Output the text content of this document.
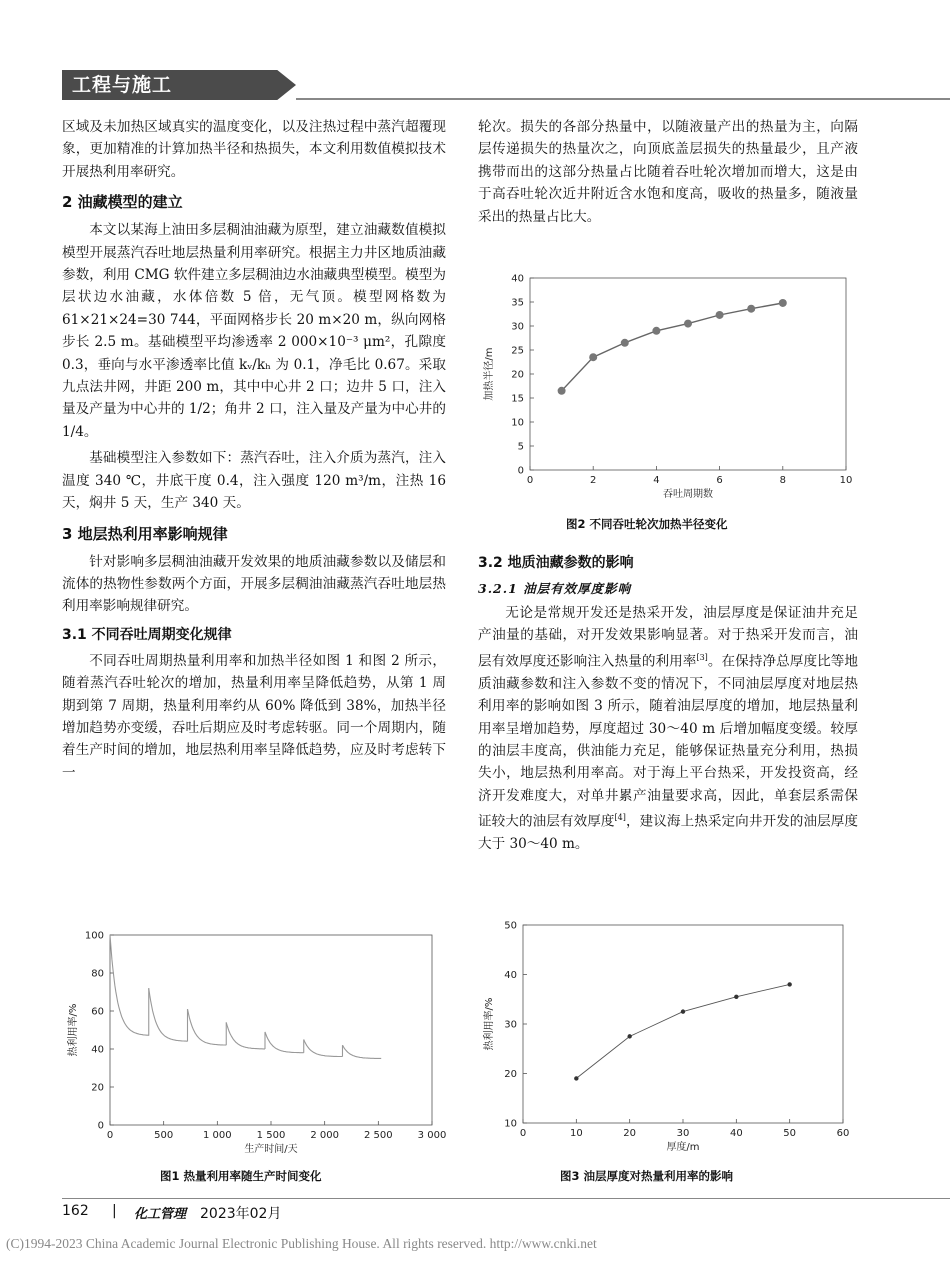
工程与施工

区域及未加热区域真实的温度变化，以及注热过程中蒸汽超覆现象，更加精准的计算加热半径和热损失，本文利用数值模拟技术开展热利用率研究。

2 油藏模型的建立

本文以某海上油田多层稠油油藏为原型，建立油藏数值模拟模型开展蒸汽吞吐地层热量利用率研究。根据主力井区地质油藏参数，利用 CMG 软件建立多层稠油边水油藏典型模型。模型为层状边水油藏，水体倍数 5 倍，无气顶。模型网格数为 61×21×24=30 744，平面网格步长 20 m×20 m，纵向网格步长 2.5 m。基础模型平均渗透率 2 000×10⁻³ μm²，孔隙度 0.3，垂向与水平渗透率比值 kᵥ/kₕ 为 0.1，净毛比 0.67。采取九点法井网，井距 200 m，其中中心井 2 口；边井 5 口，注入量及产量为中心井的 1/2；角井 2 口，注入量及产量为中心井的 1/4。

基础模型注入参数如下：蒸汽吞吐，注入介质为蒸汽，注入温度 340 ℃，井底干度 0.4，注入强度 120 m³/m，注热 16 天，焖井 5 天，生产 340 天。

3 地层热利用率影响规律

针对影响多层稠油油藏开发效果的地质油藏参数以及储层和流体的热物性参数两个方面，开展多层稠油油藏蒸汽吞吐地层热利用率影响规律研究。

3.1 不同吞吐周期变化规律

不同吞吐周期热量利用率和加热半径如图 1 和图 2 所示，随着蒸汽吞吐轮次的增加，热量利用率呈降低趋势，从第 1 周期到第 7 周期，热量利用率约从 60% 降低到 38%，加热半径增加趋势亦变缓，吞吐后期应及时考虑转驱。同一个周期内，随着生产时间的增加，地层热利用率呈降低趋势，应及时考虑转下一

轮次。损失的各部分热量中，以随液量产出的热量为主，向隔层传递损失的热量次之，向顶底盖层损失的热量最少，且产液携带而出的这部分热量占比随着吞吐轮次增加而增大，这是由于高吞吐轮次近井附近含水饱和度高，吸收的热量多，随液量采出的热量占比大。

3.2 地质油藏参数的影响
3.2.1 油层有效厚度影响

无论是常规开发还是热采开发，油层厚度是保证油井充足产油量的基础，对开发效果影响显著。对于热采开发而言，油层有效厚度还影响注入热量的利用率[3]。在保持净总厚度比等地质油藏参数和注入参数不变的情况下，不同油层厚度对地层热利用率的影响如图 3 所示，随着油层厚度的增加，地层热量利用率呈增加趋势，厚度超过 30～40 m 后增加幅度变缓。较厚的油层丰度高，供油能力充足，能够保证热量充分利用，热损失小，地层热利用率高。对于海上平台热采，开发投资高，经济开发难度大，对单井累产油量要求高，因此，单套层系需保证较大的油层有效厚度[4]，建议海上热采定向井开发的油层厚度大于 30～40 m。

0	500	1 000	1 500	2 000	2 500	3 000
0
20
40
60
80
100
生产时间/天
热利用率/%
图1 热量利用率随生产时间变化
0	2	4	6	8	10
0
5
10
15
20
25
30
35
40
吞吐周期数
加热半径/m
图2 不同吞吐轮次加热半径变化
0	10	20	30	40	50	60
10
20
30
40
50
厚度/m
热利用率/%
图3 油层厚度对热量利用率的影响
162 | 化工管理 2023年02月
(C)1994-2023 China Academic Journal Electronic Publishing House. All rights reserved. http://www.cnki.net
